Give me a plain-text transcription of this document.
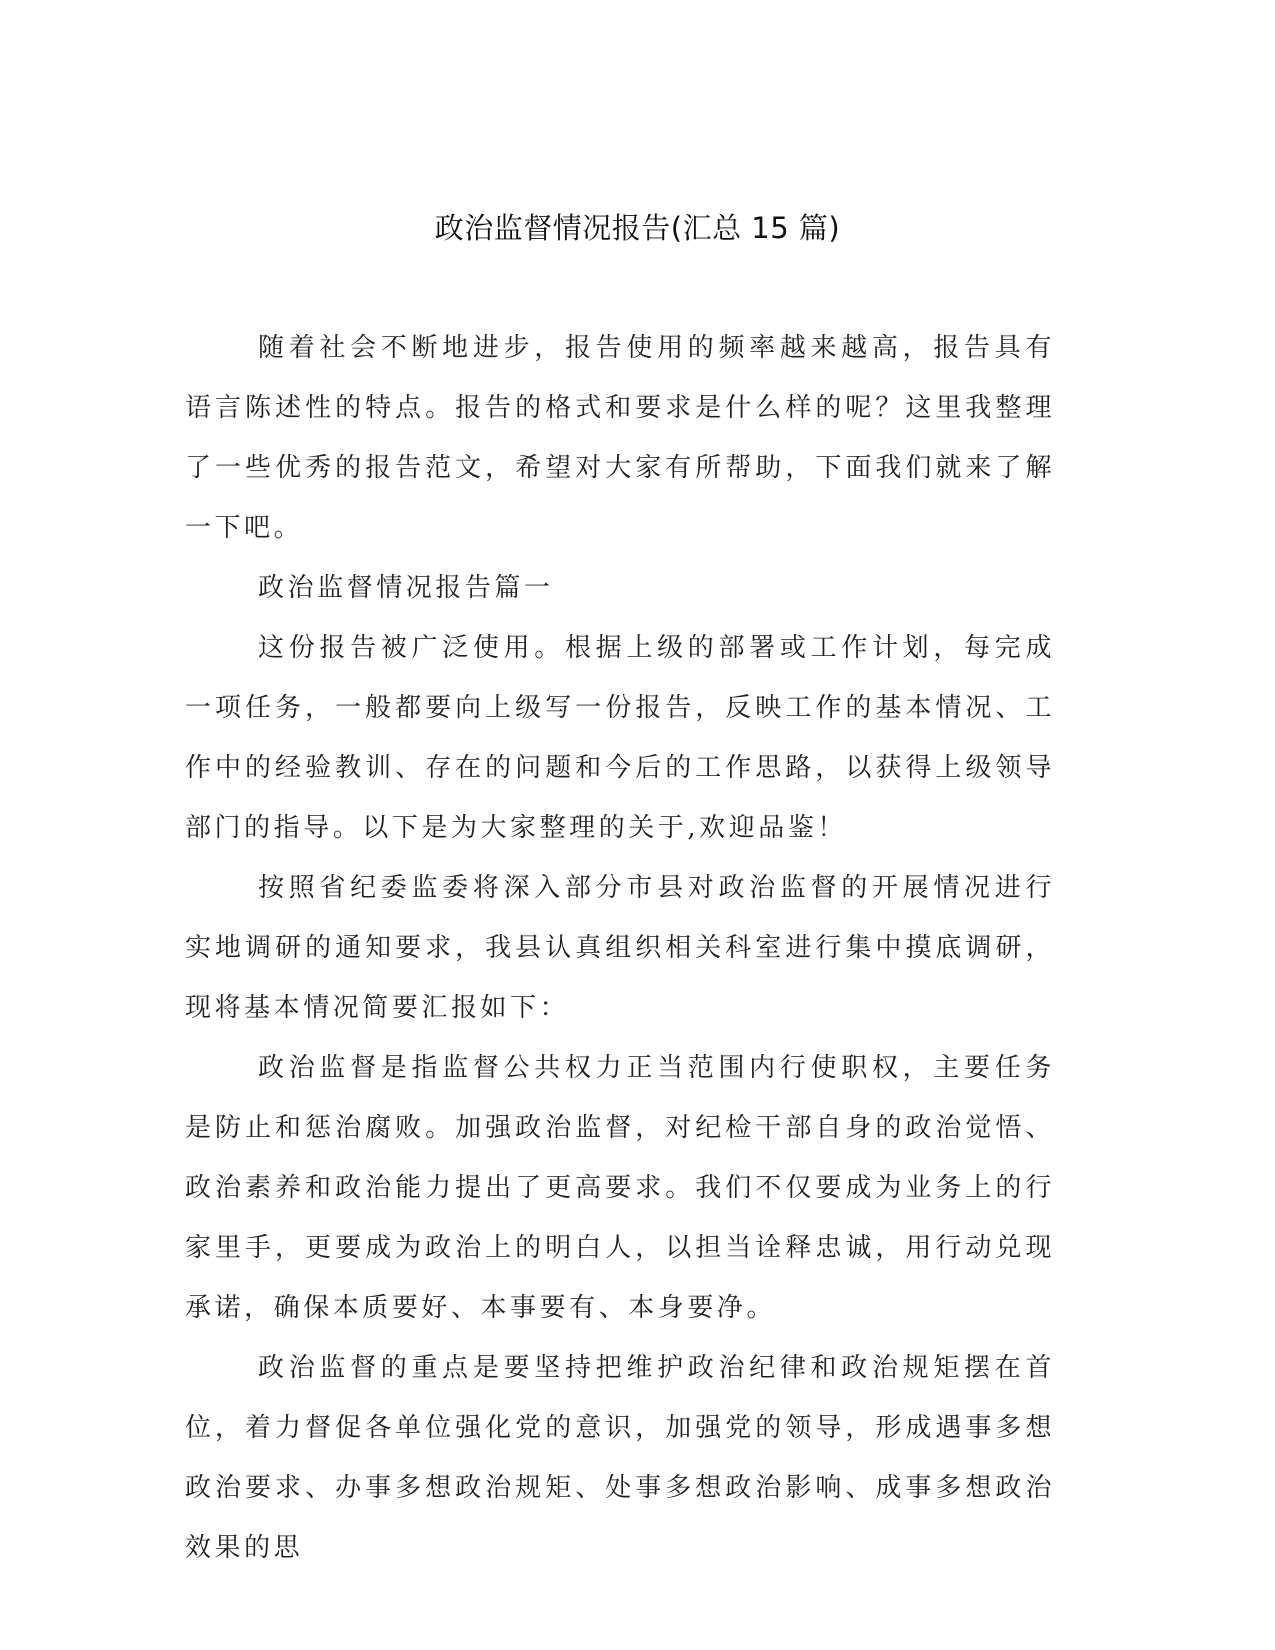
政治监督情况报告(汇总 15 篇)

随着社会不断地进步，报告使用的频率越来越高，报告具有语言陈述性的特点。报告的格式和要求是什么样的呢？这里我整理了一些优秀的报告范文，希望对大家有所帮助，下面我们就来了解一下吧。

政治监督情况报告篇一

这份报告被广泛使用。根据上级的部署或工作计划，每完成一项任务，一般都要向上级写一份报告，反映工作的基本情况、工作中的经验教训、存在的问题和今后的工作思路，以获得上级领导部门的指导。以下是为大家整理的关于,欢迎品鉴！

按照省纪委监委将深入部分市县对政治监督的开展情况进行实地调研的通知要求，我县认真组织相关科室进行集中摸底调研，现将基本情况简要汇报如下：

政治监督是指监督公共权力正当范围内行使职权，主要任务是防止和惩治腐败。加强政治监督，对纪检干部自身的政治觉悟、政治素养和政治能力提出了更高要求。我们不仅要成为业务上的行家里手，更要成为政治上的明白人，以担当诠释忠诚，用行动兑现承诺，确保本质要好、本事要有、本身要净。

政治监督的重点是要坚持把维护政治纪律和政治规矩摆在首位，着力督促各单位强化党的意识，加强党的领导，形成遇事多想政治要求、办事多想政治规矩、处事多想政治影响、成事多想政治效果的思
